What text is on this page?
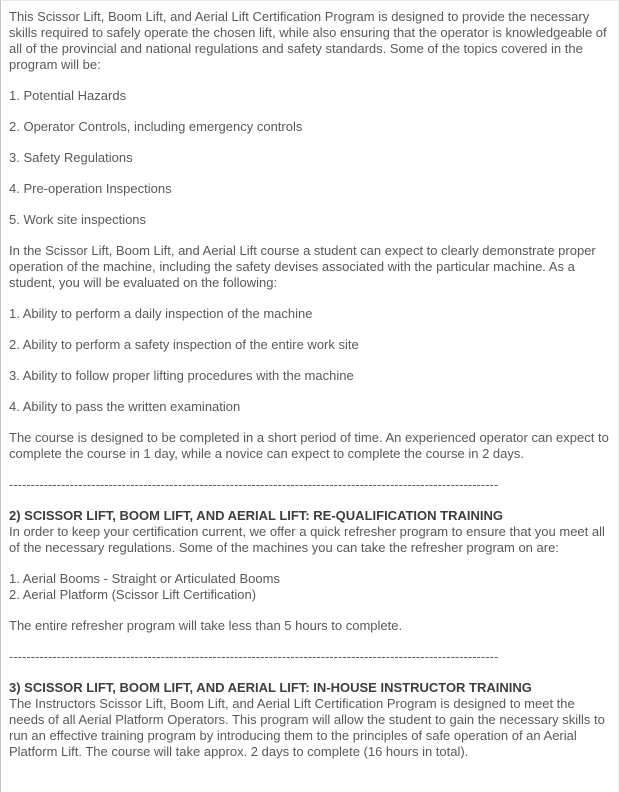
This Scissor Lift, Boom Lift, and Aerial Lift Certification Program is designed to provide the necessary skills required to safely operate the chosen lift, while also ensuring that the operator is knowledgeable of all of the provincial and national regulations and safety standards. Some of the topics covered in the program will be:

1. Potential Hazards

2. Operator Controls, including emergency controls

3. Safety Regulations

4. Pre-operation Inspections

5. Work site inspections

In the Scissor Lift, Boom Lift, and Aerial Lift course a student can expect to clearly demonstrate proper operation of the machine, including the safety devises associated with the particular machine. As a student, you will be evaluated on the following:

1. Ability to perform a daily inspection of the machine

2. Ability to perform a safety inspection of the entire work site

3. Ability to follow proper lifting procedures with the machine

4. Ability to pass the written examination

The course is designed to be completed in a short period of time. An experienced operator can expect to complete the course in 1 day, while a novice can expect to complete the course in 2 days.

-----------------------------------------------------------------------------------------------------------------

2) SCISSOR LIFT, BOOM LIFT, AND AERIAL LIFT: RE-QUALIFICATION TRAINING
In order to keep your certification current, we offer a quick refresher program to ensure that you meet all of the necessary regulations. Some of the machines you can take the refresher program on are:

1. Aerial Booms - Straight or Articulated Booms
2. Aerial Platform (Scissor Lift Certification)

The entire refresher program will take less than 5 hours to complete.

-----------------------------------------------------------------------------------------------------------------

3) SCISSOR LIFT, BOOM LIFT, AND AERIAL LIFT: IN-HOUSE INSTRUCTOR TRAINING
The Instructors Scissor Lift, Boom Lift, and Aerial Lift Certification Program is designed to meet the needs of all Aerial Platform Operators. This program will allow the student to gain the necessary skills to run an effective training program by introducing them to the principles of safe operation of an Aerial Platform Lift. The course will take approx. 2 days to complete (16 hours in total).
